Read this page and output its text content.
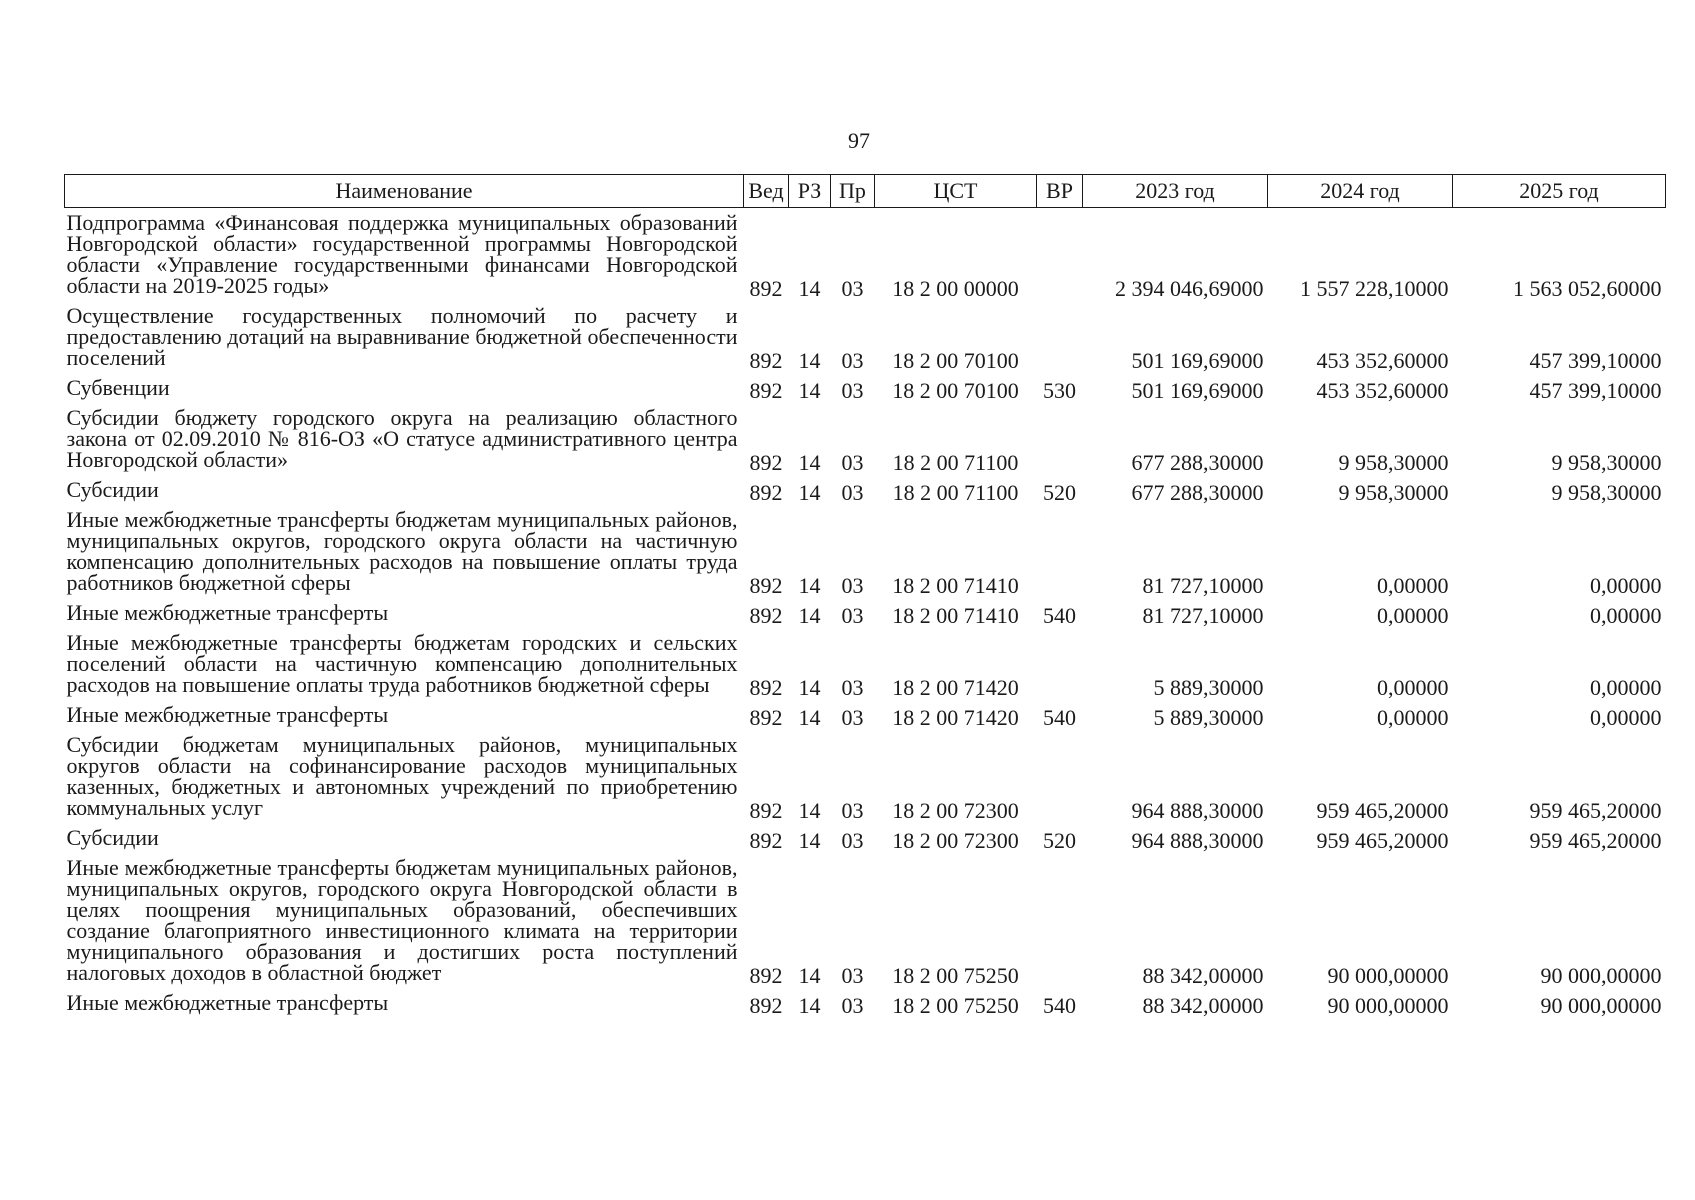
97
Наименование	Вед	РЗ	Пр	ЦСТ	ВР	2023 год	2024 год	2025 год
Подпрограмма «Финансовая поддержка муниципальных образований Новгородской области» государственной программы Новгородской области «Управление государственными финансами Новгородской области на 2019-2025 годы»	892	14	03	18 2 00 00000		2 394 046,69000	1 557 228,10000	1 563 052,60000
Осуществление государственных полномочий по расчету и предоставлению дотаций на выравнивание бюджетной обеспеченности поселений	892	14	03	18 2 00 70100		501 169,69000	453 352,60000	457 399,10000
Субвенции	892	14	03	18 2 00 70100	530	501 169,69000	453 352,60000	457 399,10000
Субсидии бюджету городского округа на реализацию областного закона от 02.09.2010 № 816-ОЗ «О статусе административного центра Новгородской области»	892	14	03	18 2 00 71100		677 288,30000	9 958,30000	9 958,30000
Субсидии	892	14	03	18 2 00 71100	520	677 288,30000	9 958,30000	9 958,30000
Иные межбюджетные трансферты бюджетам муниципальных районов, муниципальных округов, городского округа области на частичную компенсацию дополнительных расходов на повышение оплаты труда работников бюджетной сферы	892	14	03	18 2 00 71410		81 727,10000	0,00000	0,00000
Иные межбюджетные трансферты	892	14	03	18 2 00 71410	540	81 727,10000	0,00000	0,00000
Иные межбюджетные трансферты бюджетам городских и сельских поселений области на частичную компенсацию дополнительных расходов на повышение оплаты труда работников бюджетной сферы	892	14	03	18 2 00 71420		5 889,30000	0,00000	0,00000
Иные межбюджетные трансферты	892	14	03	18 2 00 71420	540	5 889,30000	0,00000	0,00000
Субсидии бюджетам муниципальных районов, муниципальных округов области на софинансирование расходов муниципальных казенных, бюджетных и автономных учреждений по приобретению коммунальных услуг	892	14	03	18 2 00 72300		964 888,30000	959 465,20000	959 465,20000
Субсидии	892	14	03	18 2 00 72300	520	964 888,30000	959 465,20000	959 465,20000
Иные межбюджетные трансферты бюджетам муниципальных районов, муниципальных округов, городского округа Новгородской области в целях поощрения муниципальных образований, обеспечивших создание благоприятного инвестиционного климата на территории муниципального образования и достигших роста поступлений налоговых доходов в областной бюджет	892	14	03	18 2 00 75250		88 342,00000	90 000,00000	90 000,00000
Иные межбюджетные трансферты	892	14	03	18 2 00 75250	540	88 342,00000	90 000,00000	90 000,00000
